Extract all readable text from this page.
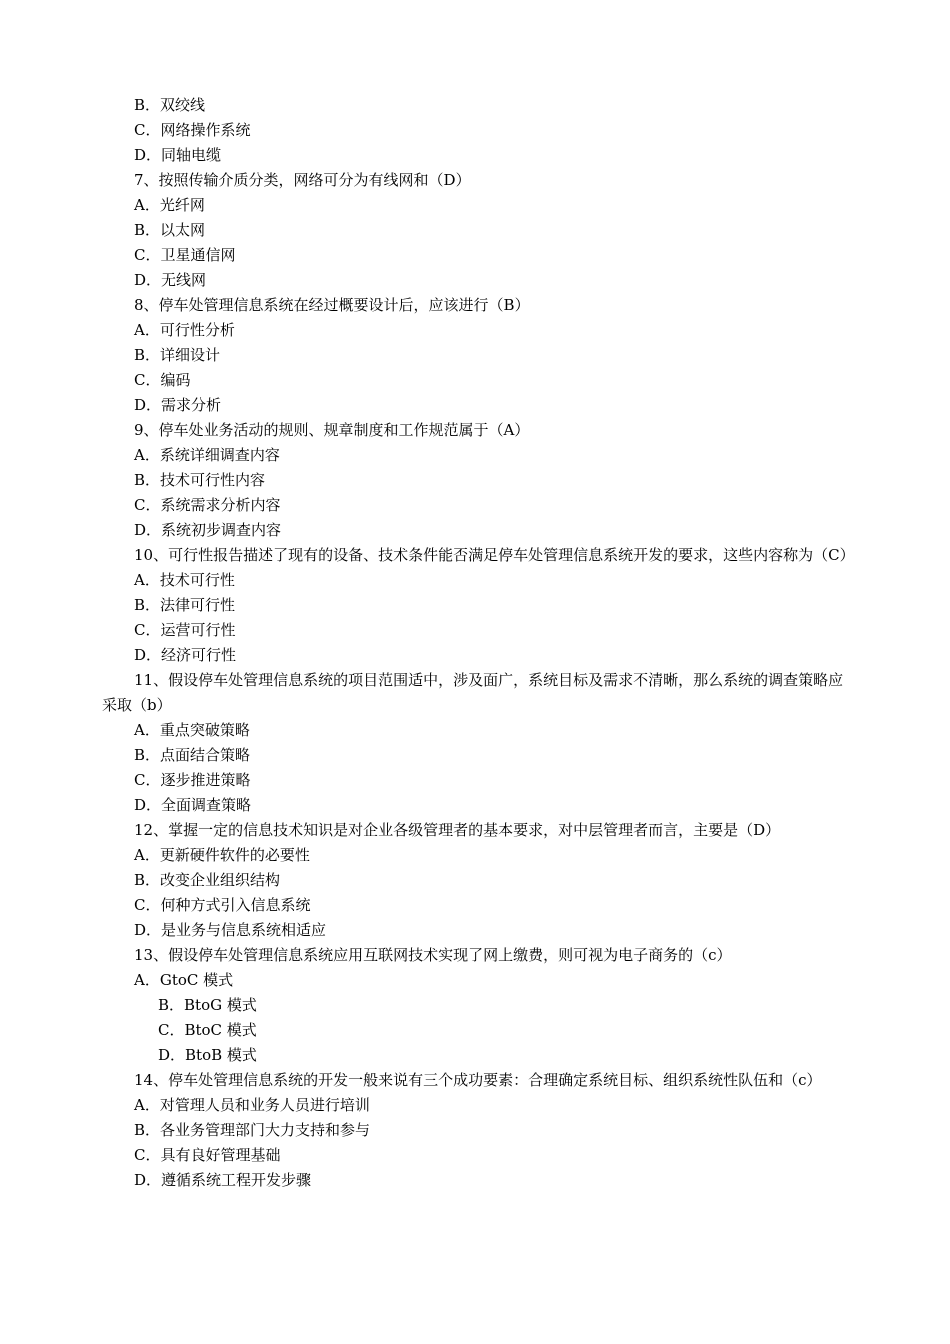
B．双绞线
C．网络操作系统
D．同轴电缆
7、按照传输介质分类，网络可分为有线网和（D）
A．光纤网
B．以太网
C．卫星通信网
D．无线网
8、停车处管理信息系统在经过概要设计后，应该进行（B）
A．可行性分析
B．详细设计
C．编码
D．需求分析
9、停车处业务活动的规则、规章制度和工作规范属于（A）
A．系统详细调查内容
B．技术可行性内容
C．系统需求分析内容
D．系统初步调查内容
10、可行性报告描述了现有的设备、技术条件能否满足停车处管理信息系统开发的要求，这些内容称为（C）
A．技术可行性
B．法律可行性
C．运营可行性
D．经济可行性
11、假设停车处管理信息系统的项目范围适中，涉及面广，系统目标及需求不清晰，那么系统的调查策略应采取（b）
A．重点突破策略
B．点面结合策略
C．逐步推进策略
D．全面调查策略
12、掌握一定的信息技术知识是对企业各级管理者的基本要求，对中层管理者而言，主要是（D）
A．更新硬件软件的必要性
B．改变企业组织结构
C．何种方式引入信息系统
D．是业务与信息系统相适应
13、假设停车处管理信息系统应用互联网技术实现了网上缴费，则可视为电子商务的（c）
A．GtoC 模式
B．BtoG 模式
C．BtoC 模式
D．BtoB 模式
14、停车处管理信息系统的开发一般来说有三个成功要素：合理确定系统目标、组织系统性队伍和（c）
A．对管理人员和业务人员进行培训
B．各业务管理部门大力支持和参与
C．具有良好管理基础
D．遵循系统工程开发步骤
